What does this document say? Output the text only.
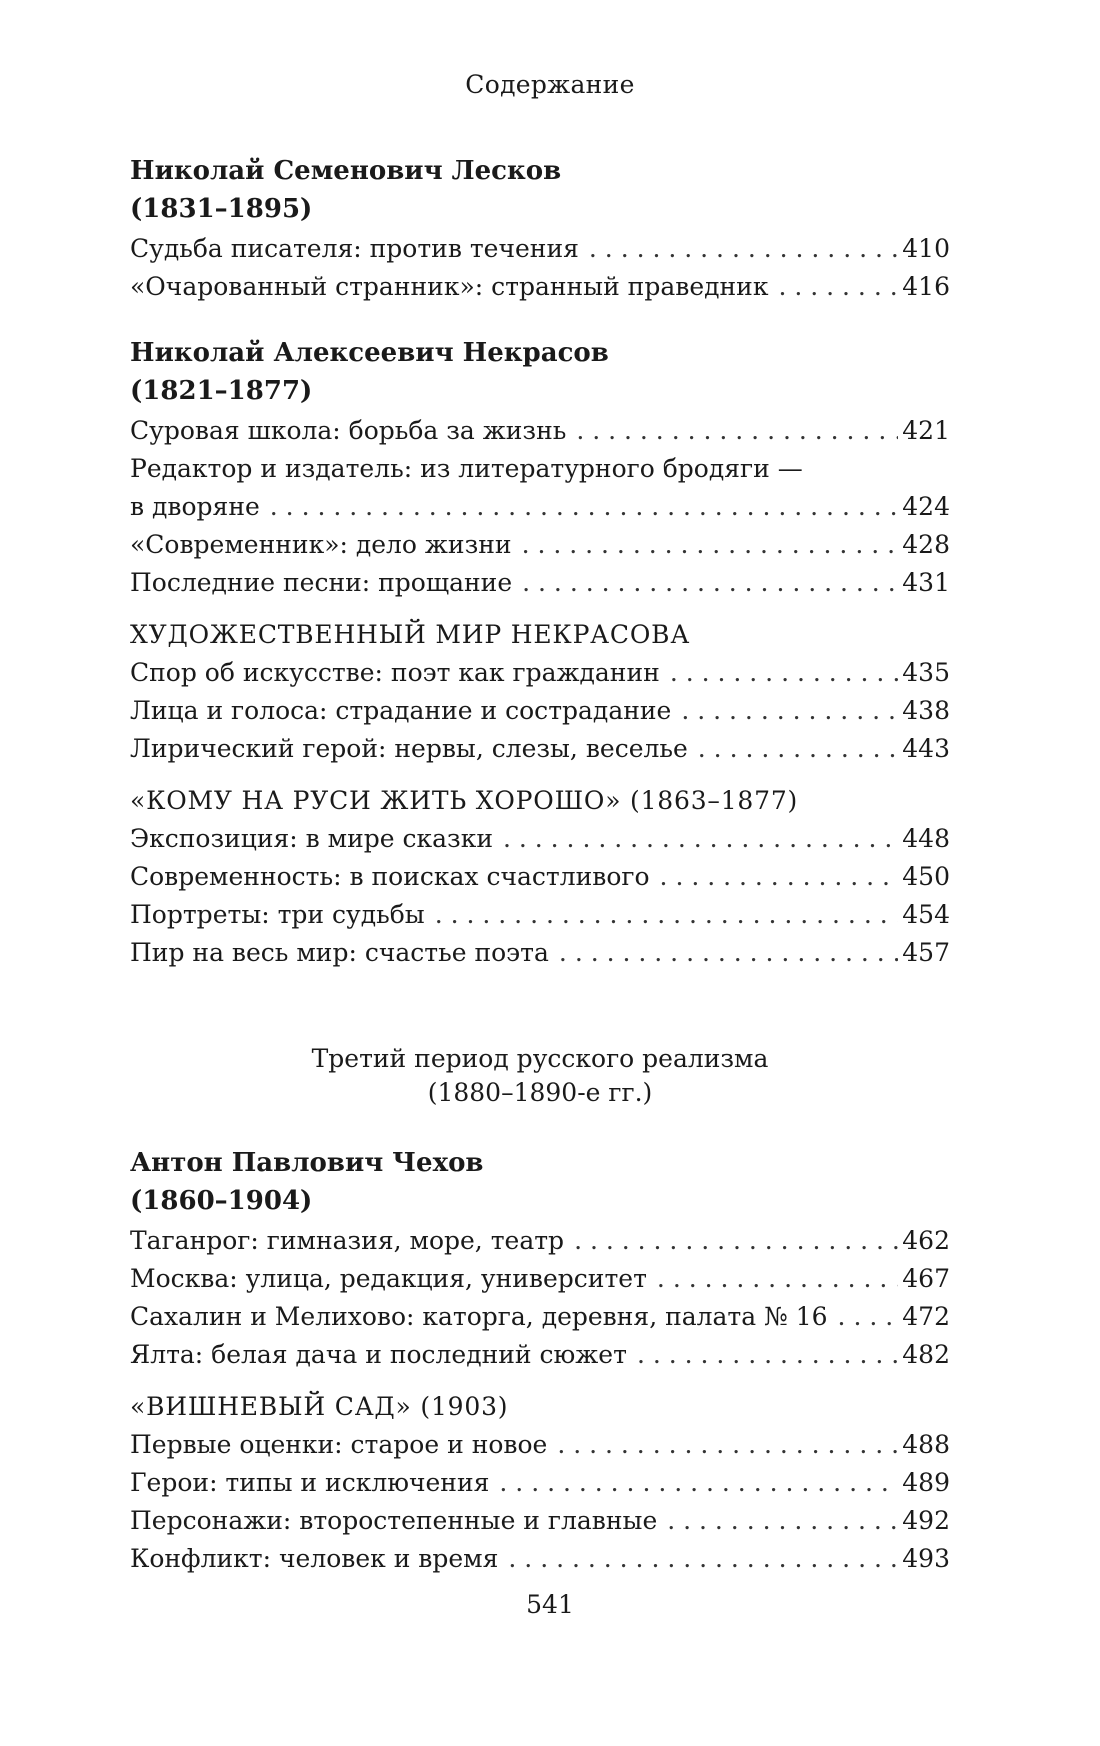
Содержание
Николай Семенович Лесков
(1831–1895)
Судьба писателя: против течения . . .	410
«Очарованный странник»: странный праведник . . .	416
Николай Алексеевич Некрасов
(1821–1877)
Суровая школа: борьба за жизнь . . .	421
Редактор и издатель: из литературного бродяги —
в дворяне . . .	424
«Современник»: дело жизни . . .	428
Последние песни: прощание . . .	431
ХУДОЖЕСТВЕННЫЙ МИР НЕКРАСОВА
Спор об искусстве: поэт как гражданин . . .	435
Лица и голоса: страдание и сострадание . . .	438
Лирический герой: нервы, слезы, веселье . . .	443
«КОМУ НА РУСИ ЖИТЬ ХОРОШО» (1863–1877)
Экспозиция: в мире сказки . . .	448
Современность: в поисках счастливого . . .	450
Портреты: три судьбы . . .	454
Пир на весь мир: счастье поэта . . .	457
Третий период русского реализма
(1880–1890-е гг.)
Антон Павлович Чехов
(1860–1904)
Таганрог: гимназия, море, театр . . .	462
Москва: улица, редакция, университет . . .	467
Сахалин и Мелихово: каторга, деревня, палата № 16 . . .	472
Ялта: белая дача и последний сюжет . . .	482
«ВИШНЕВЫЙ САД» (1903)
Первые оценки: старое и новое . . .	488
Герои: типы и исключения . . .	489
Персонажи: второстепенные и главные . . .	492
Конфликт: человек и время . . .	493
541
